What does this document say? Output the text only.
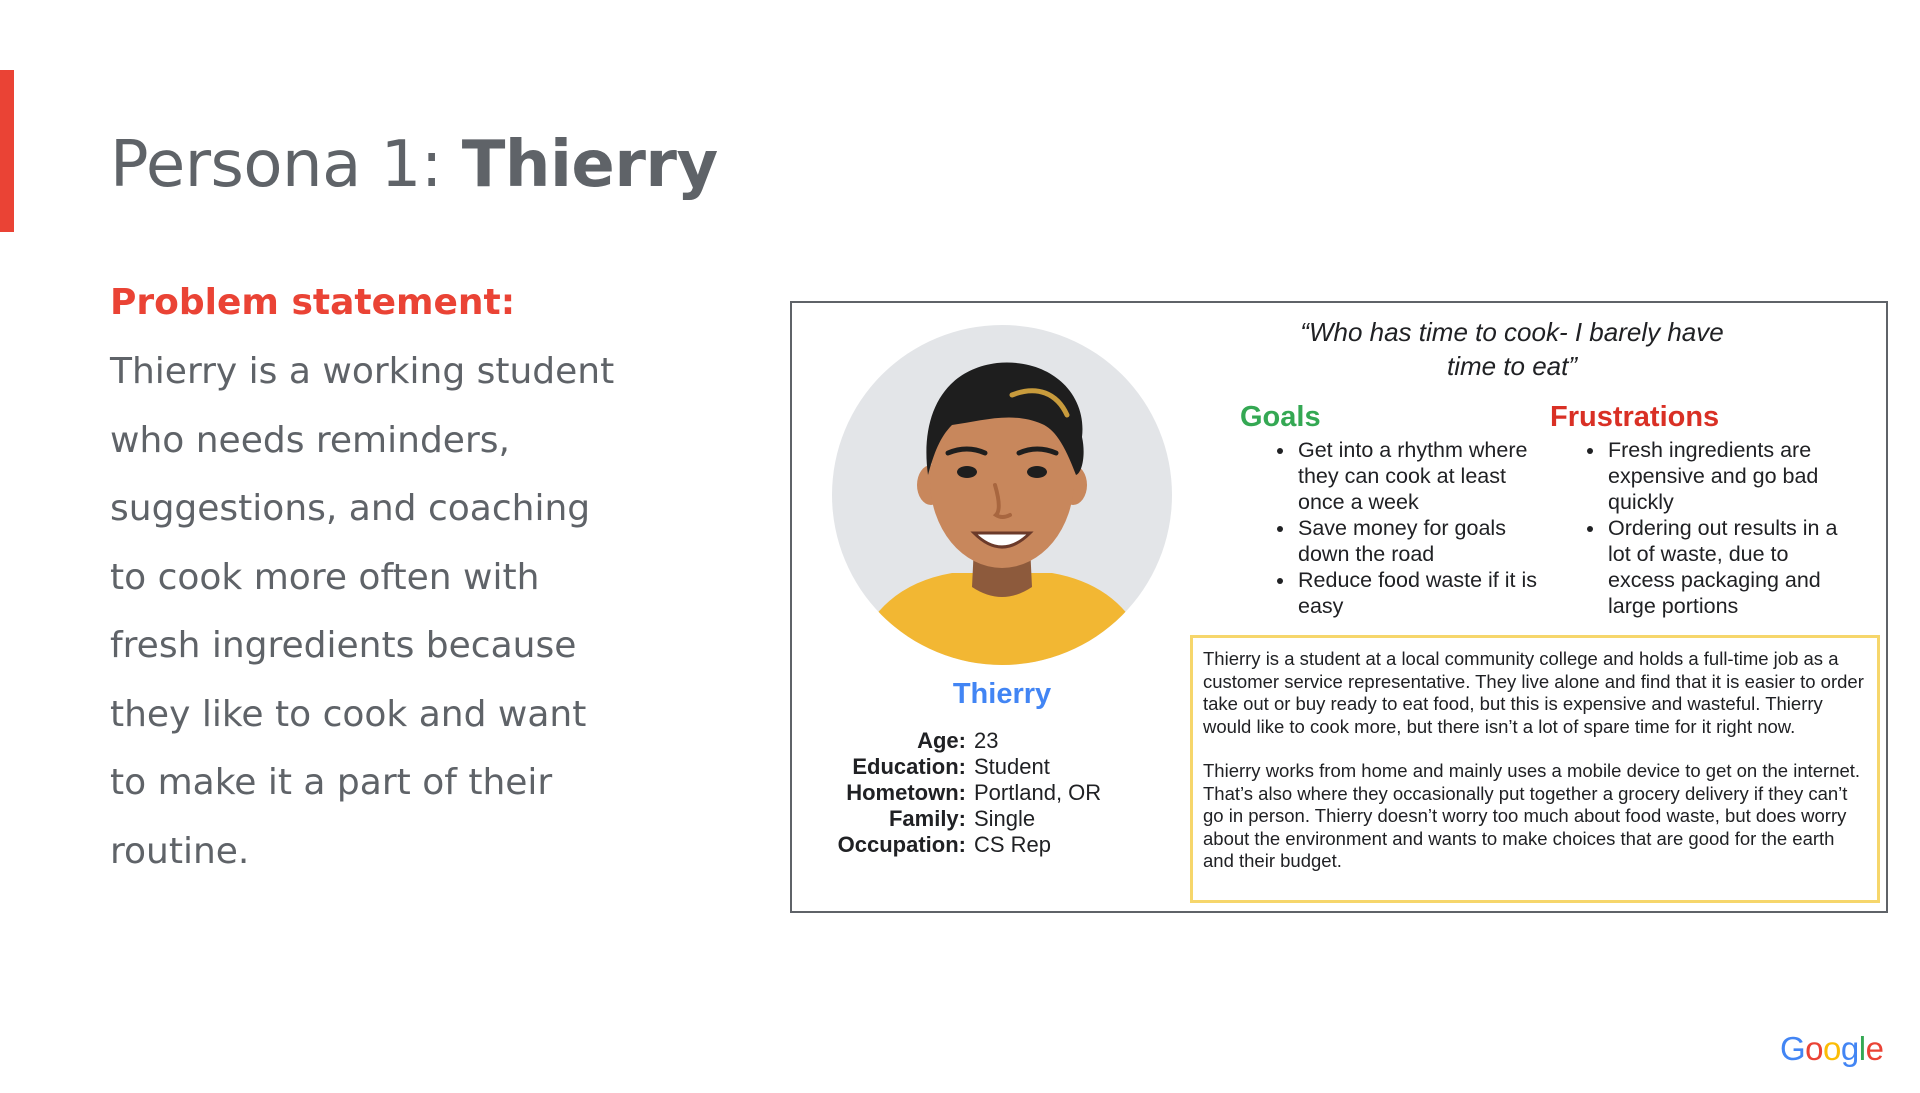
Persona 1: Thierry
Problem statement:
Thierry is a working student who needs reminders, suggestions, and coaching to cook more often with fresh ingredients because they like to cook and want to make it a part of their routine.
Thierry
Age: 23
Education: Student
Hometown: Portland, OR
Family: Single
Occupation: CS Rep
“Who has time to cook- I barely have
time to eat”
Goals
• Get into a rhythm where they can cook at least once a week
• Save money for goals down the road
• Reduce food waste if it is easy
Frustrations
• Fresh ingredients are expensive and go bad quickly
• Ordering out results in a lot of waste, due to excess packaging and large portions

Thierry is a student at a local community college and holds a full-time job as a customer service representative. They live alone and find that it is easier to order take out or buy ready to eat food, but this is expensive and wasteful. Thierry would like to cook more, but there isn’t a lot of spare time for it right now.

Thierry works from home and mainly uses a mobile device to get on the internet. That’s also where they occasionally put together a grocery delivery if they can’t go in person. Thierry doesn’t worry too much about food waste, but does worry about the environment and wants to make choices that are good for the earth and their budget.

Google
